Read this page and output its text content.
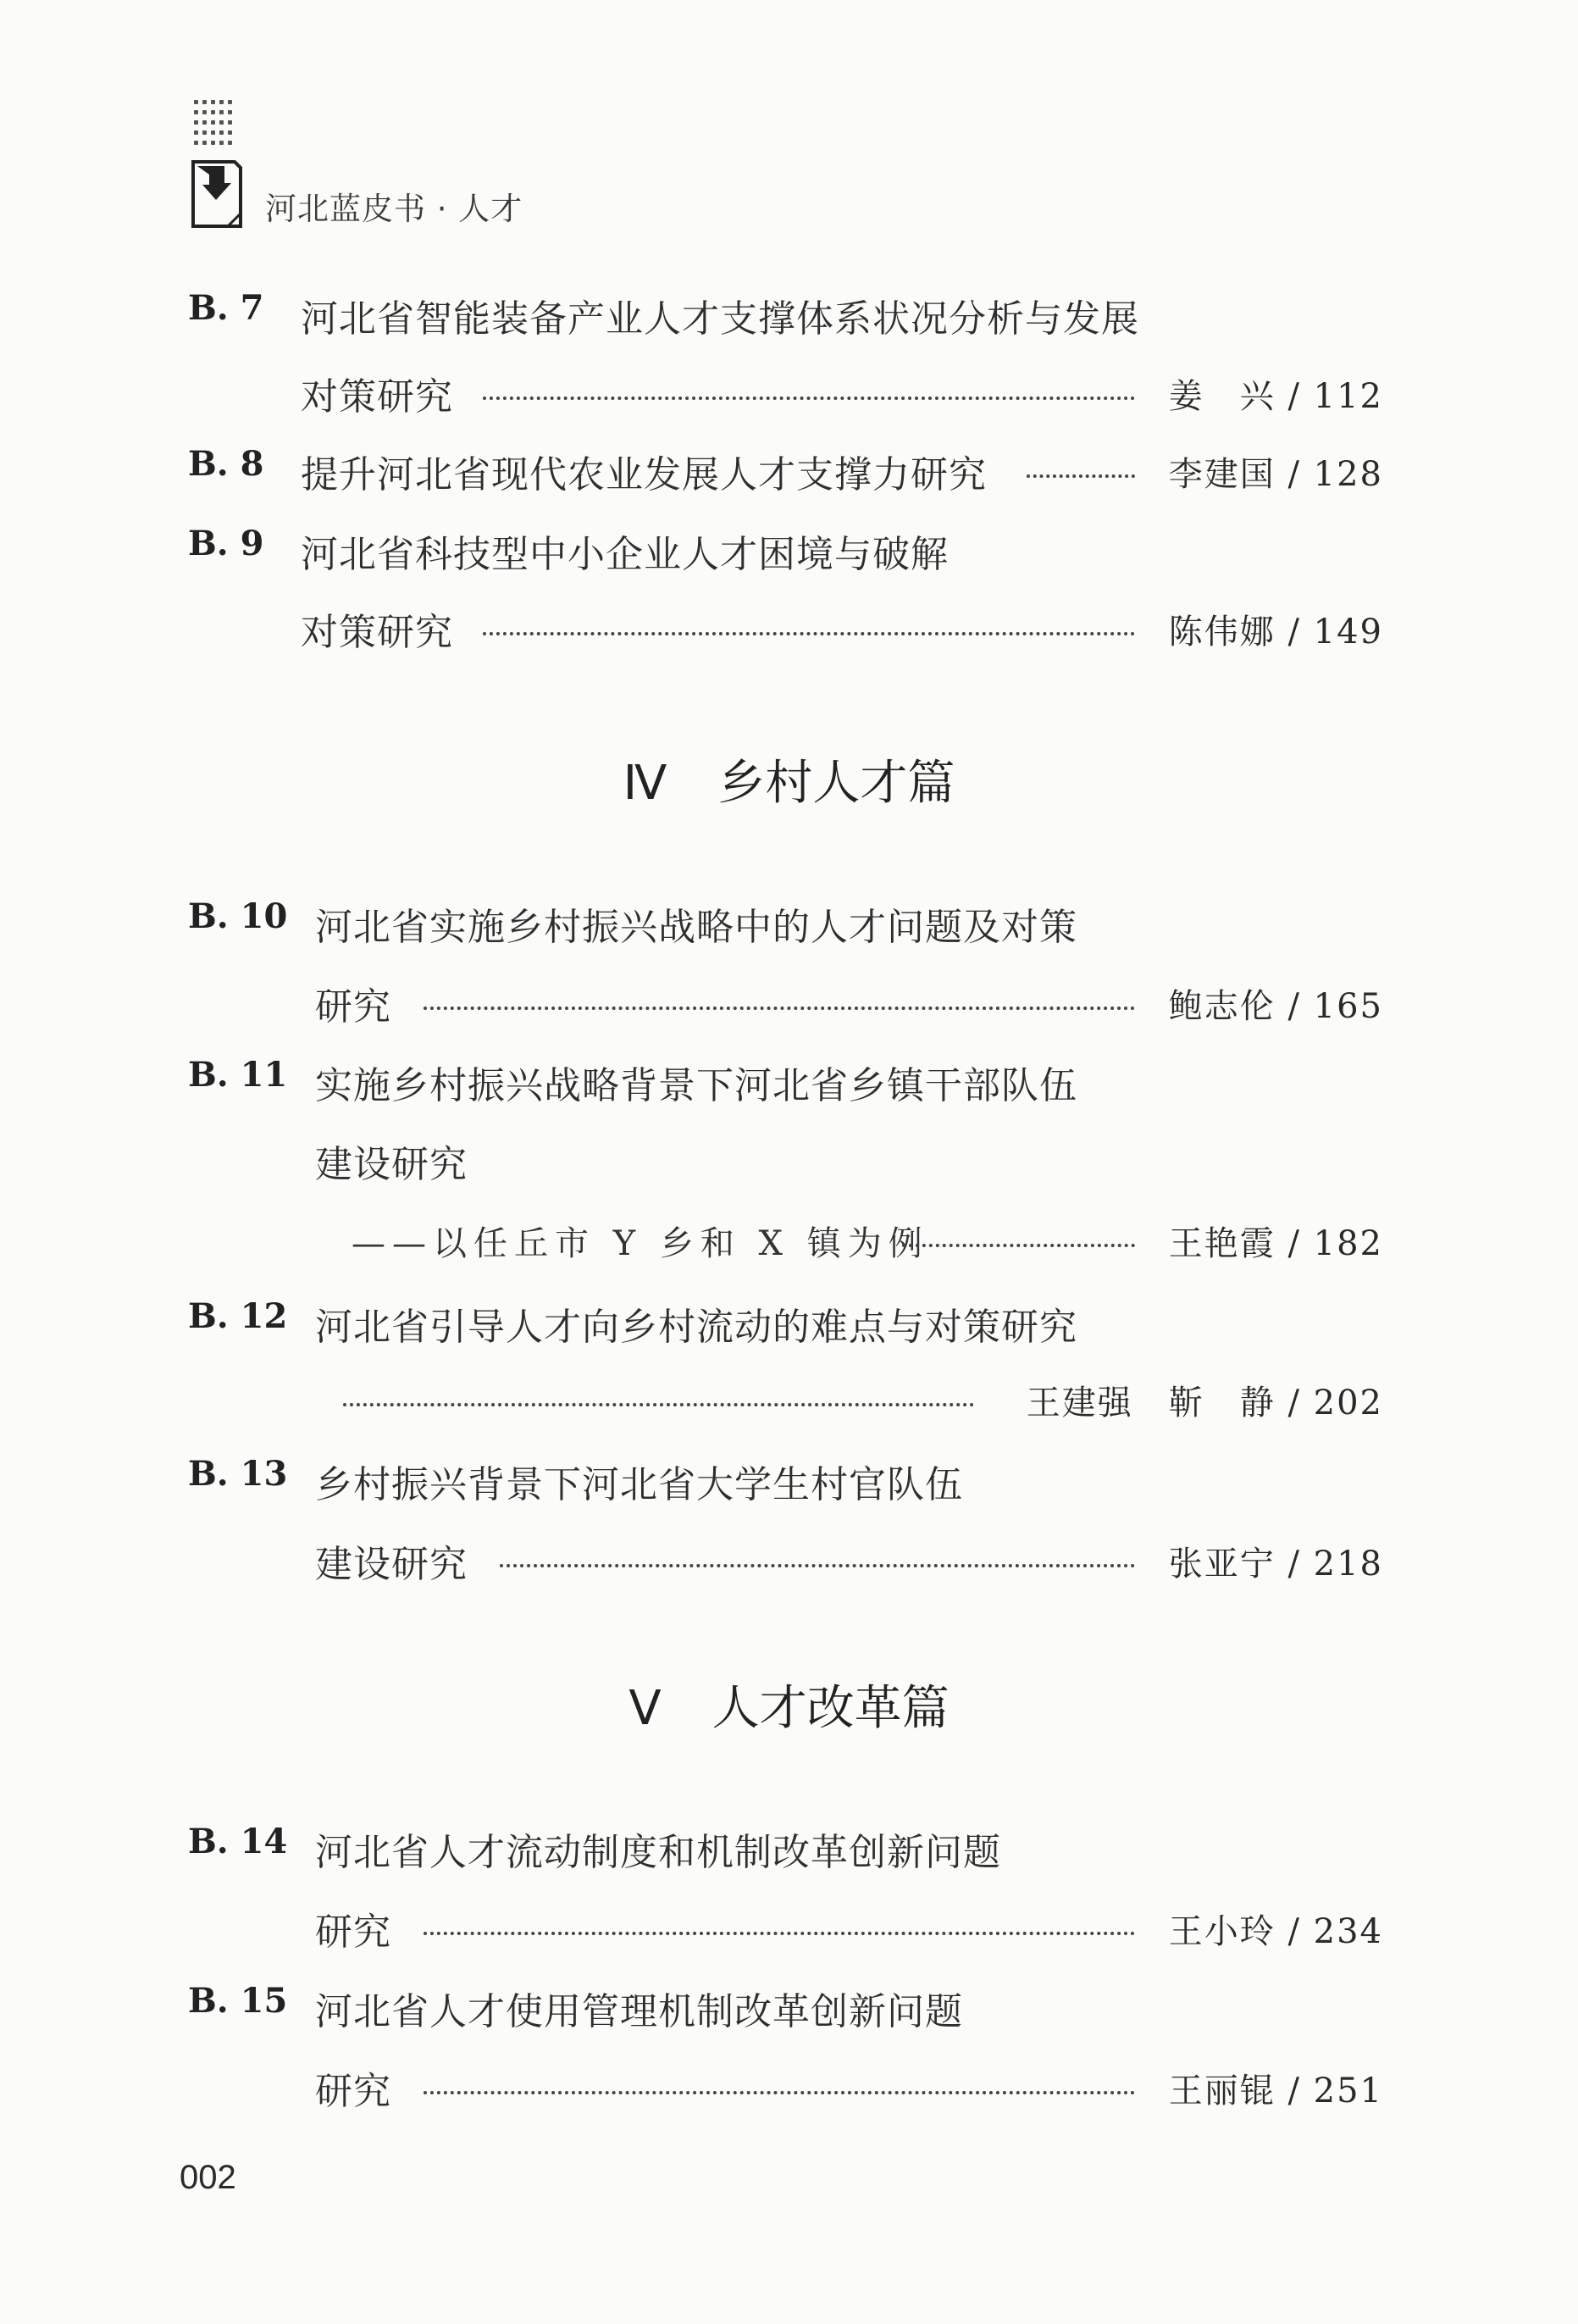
河北蓝皮书 · 人才
B. 7 河北省智能装备产业人才支撑体系状况分析与发展
对策研究	姜　兴 / 112
B. 8 提升河北省现代农业发展人才支撑力研究	李建国 / 128
B. 9 河北省科技型中小企业人才困境与破解
对策研究	陈伟娜 / 149
Ⅳ 乡村人才篇
B. 10 河北省实施乡村振兴战略中的人才问题及对策
研究	鲍志伦 / 165
B. 11 实施乡村振兴战略背景下河北省乡镇干部队伍
建设研究
——以任丘市 Y 乡和 X 镇为例	王艳霞 / 182
B. 12 河北省引导人才向乡村流动的难点与对策研究
王建强　靳　静 / 202
B. 13 乡村振兴背景下河北省大学生村官队伍
建设研究	张亚宁 / 218
Ⅴ 人才改革篇
B. 14 河北省人才流动制度和机制改革创新问题
研究	王小玲 / 234
B. 15 河北省人才使用管理机制改革创新问题
研究	王丽锟 / 251
002
